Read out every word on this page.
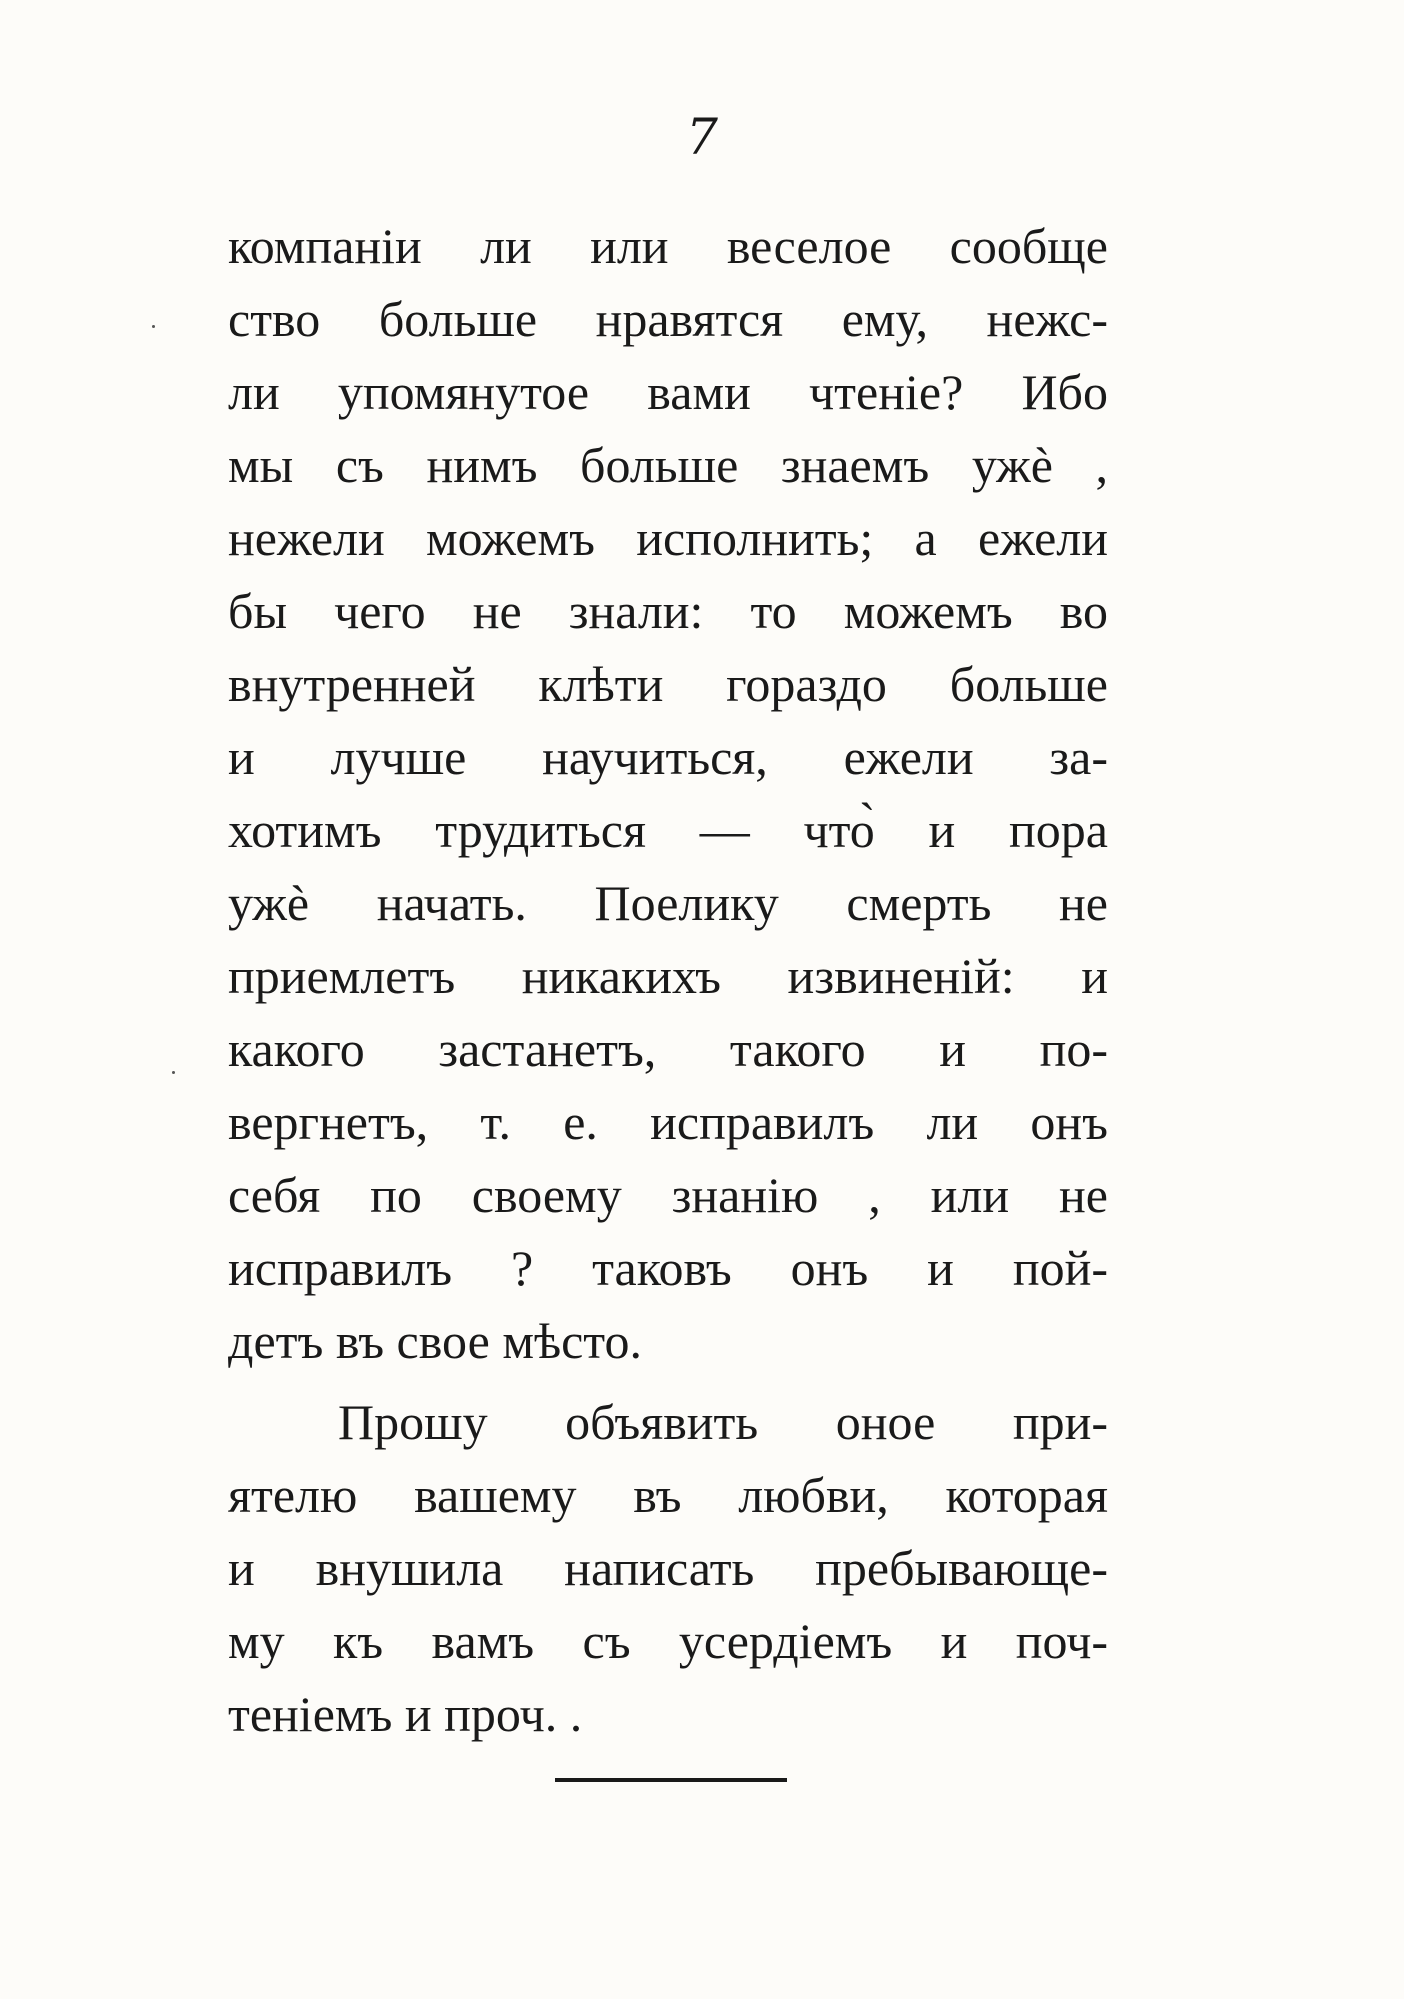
7
компаніи ли или веселое сообще
ство больше нравятся ему, нежс-
ли упомянутое вами чтеніе? Ибо
мы съ нимъ больше знаемъ ужѐ ,
нежели можемъ исполнить; а ежели
бы чего не знали: то можемъ во
внутренней клѣти гораздо больше
и лучше научиться, ежели за-
хотимъ трудиться — что̀ и пора
ужѐ начать. Поелику смерть не
приемлетъ никакихъ извиненій: и
какого застанетъ, такого и по-
вергнетъ, т. е. исправилъ ли онъ
себя по своему знанію , или не
исправилъ ? таковъ онъ и пой-
детъ въ свое мѣсто.
Прошу объявить оное при-
ятелю вашему въ любви, которая
и внушила написать пребывающе-
му къ вамъ съ усердіемъ и поч-
теніемъ и проч. .
